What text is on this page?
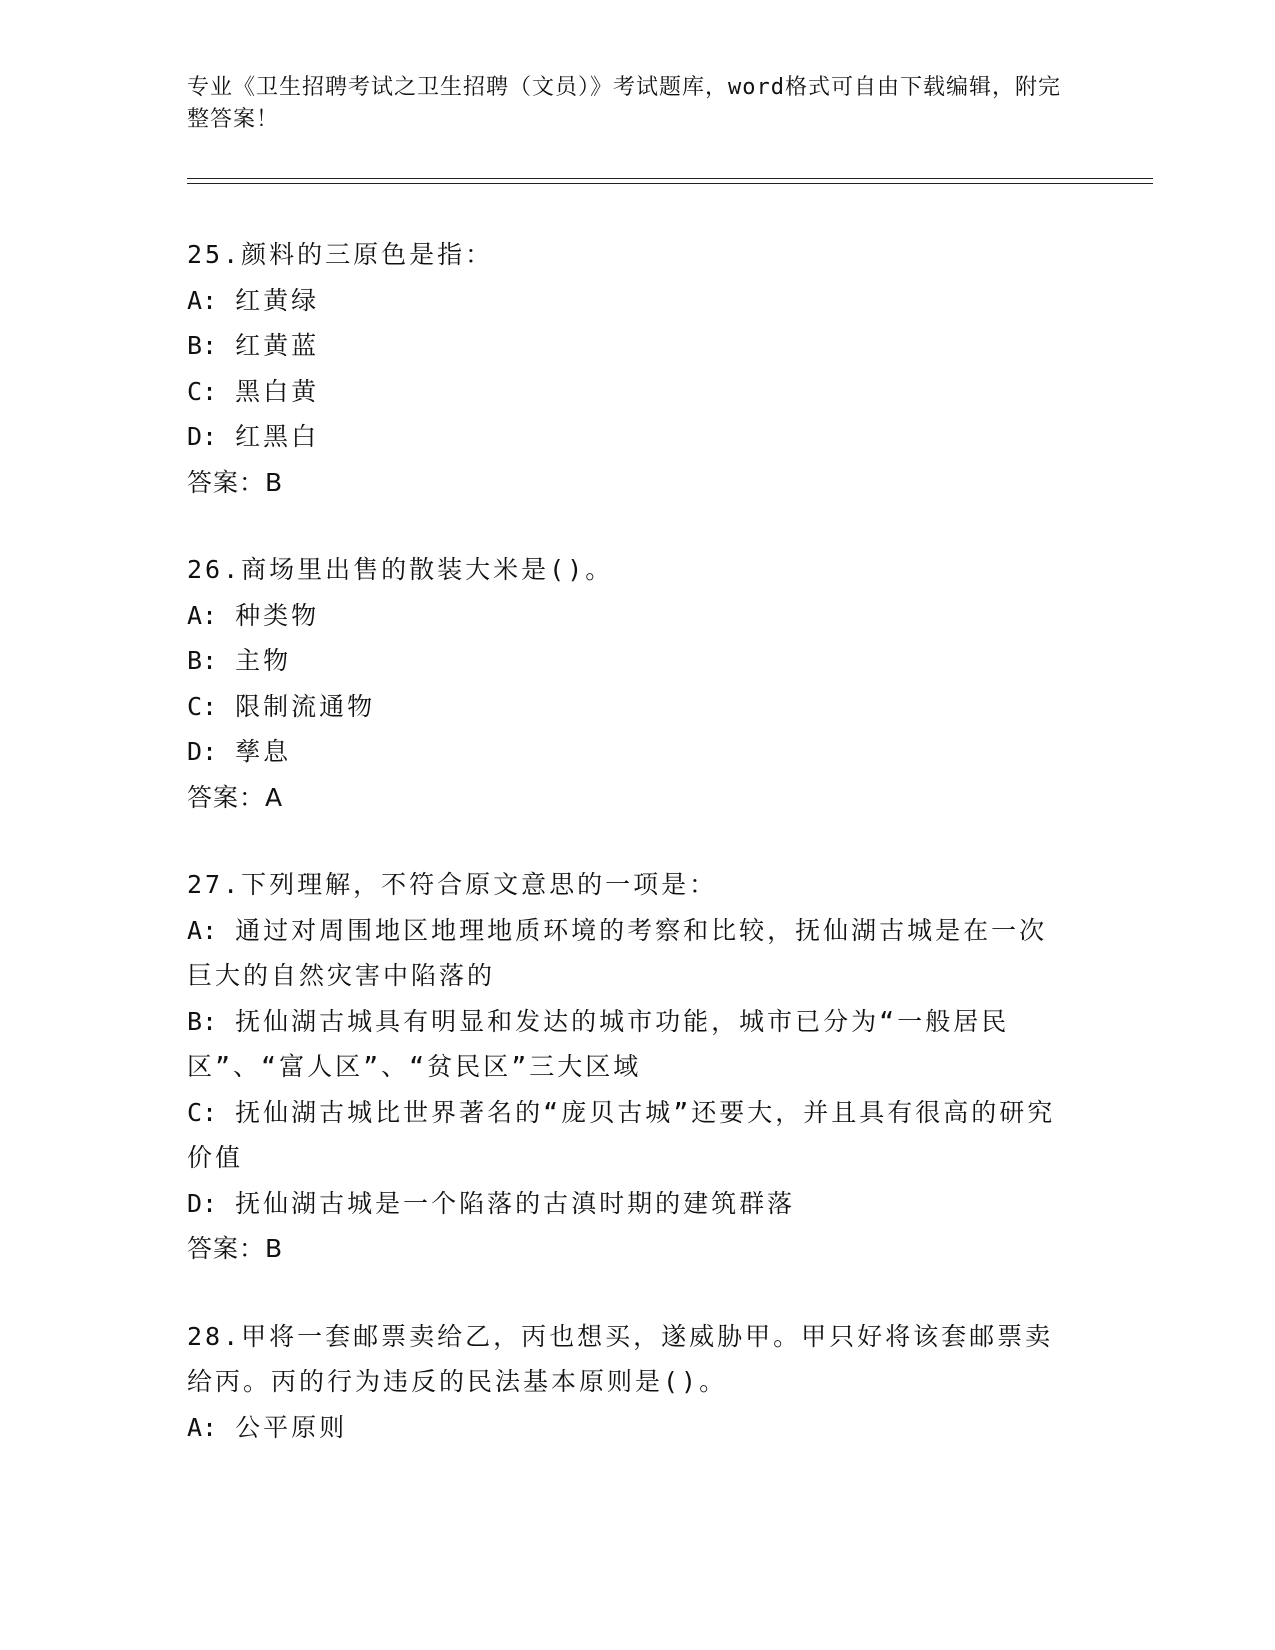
专业《卫生招聘考试之卫生招聘（文员）》考试题库，word格式可自由下载编辑，附完整答案！
25.颜料的三原色是指：
A: 红黄绿
B: 红黄蓝
C: 黑白黄
D: 红黑白
答案：B
26.商场里出售的散装大米是()。
A: 种类物
B: 主物
C: 限制流通物
D: 孳息
答案：A
27.下列理解，不符合原文意思的一项是：
A: 通过对周围地区地理地质环境的考察和比较，抚仙湖古城是在一次巨大的自然灾害中陷落的
B: 抚仙湖古城具有明显和发达的城市功能，城市已分为“一般居民区”、“富人区”、“贫民区”三大区域
C: 抚仙湖古城比世界著名的“庞贝古城”还要大，并且具有很高的研究价值
D: 抚仙湖古城是一个陷落的古滇时期的建筑群落
答案：B
28.甲将一套邮票卖给乙，丙也想买，遂威胁甲。甲只好将该套邮票卖给丙。丙的行为违反的民法基本原则是()。
A: 公平原则
